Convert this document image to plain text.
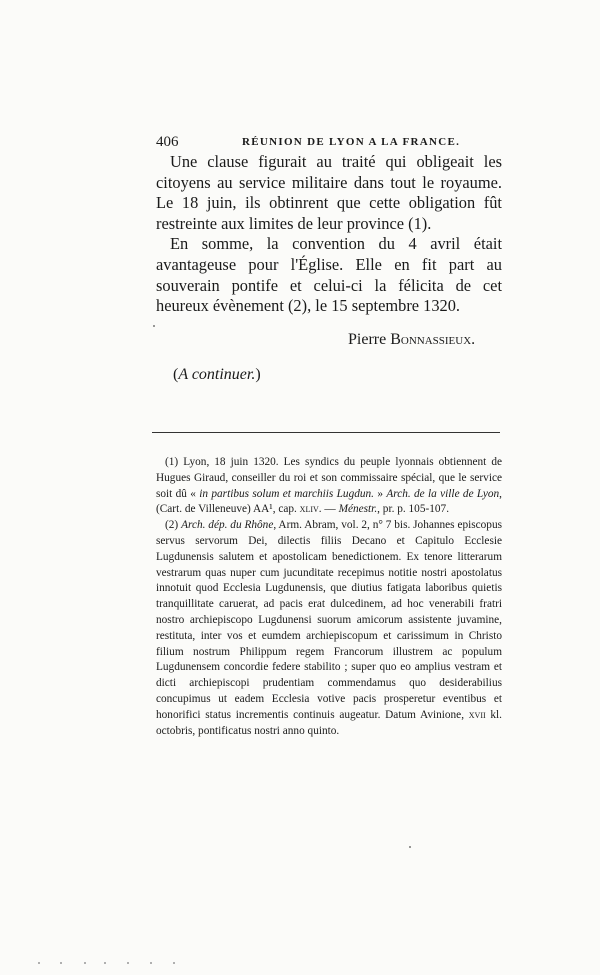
406	RÉUNION DE LYON A LA FRANCE.

Une clause figurait au traité qui obligeait les citoyens au service militaire dans tout le royaume. Le 18 juin, ils obtinrent que cette obligation fût restreinte aux limites de leur province (1).

En somme, la convention du 4 avril était avantageuse pour l'Église. Elle en fit part au souverain pontife et celui-ci la félicita de cet heureux évènement (2), le 15 septembre 1320.

Pierre Bonnassieux.
(A continuer.)

(1) Lyon, 18 juin 1320. Les syndics du peuple lyonnais obtiennent de Hugues Giraud, conseiller du roi et son commissaire spécial, que le service soit dû « in partibus solum et marchiis Lugdun. » Arch. de la ville de Lyon, (Cart. de Villeneuve) AA¹, cap. xliv. — Ménestr., pr. p. 105-107.

(2) Arch. dép. du Rhône, Arm. Abram, vol. 2, n° 7 bis. Johannes episcopus servus servorum Dei, dilectis filiis Decano et Capitulo Ecclesie Lugdunensis salutem et apostolicam benedictionem. Ex tenore litterarum vestrarum quas nuper cum jucunditate recepimus notitie nostri apostolatus innotuit quod Ecclesia Lugdunensis, que diutius fatigata laboribus quietis tranquillitate caruerat, ad pacis erat dulcedinem, ad hoc venerabili fratri nostro archiepiscopo Lugdunensi suorum amicorum assistente juvamine, restituta, inter vos et eumdem archiepiscopum et carissimum in Christo filium nostrum Philippum regem Francorum illustrem ac populum Lugdunensem concordie federe stabilito ; super quo eo amplius vestram et dicti archiepiscopi prudentiam commendamus quo desiderabilius concupimus ut eadem Ecclesia votive pacis prosperetur eventibus et honorifici status incrementis continuis augeatur. Datum Avinione, xvii kl. octobris, pontificatus nostri anno quinto.
